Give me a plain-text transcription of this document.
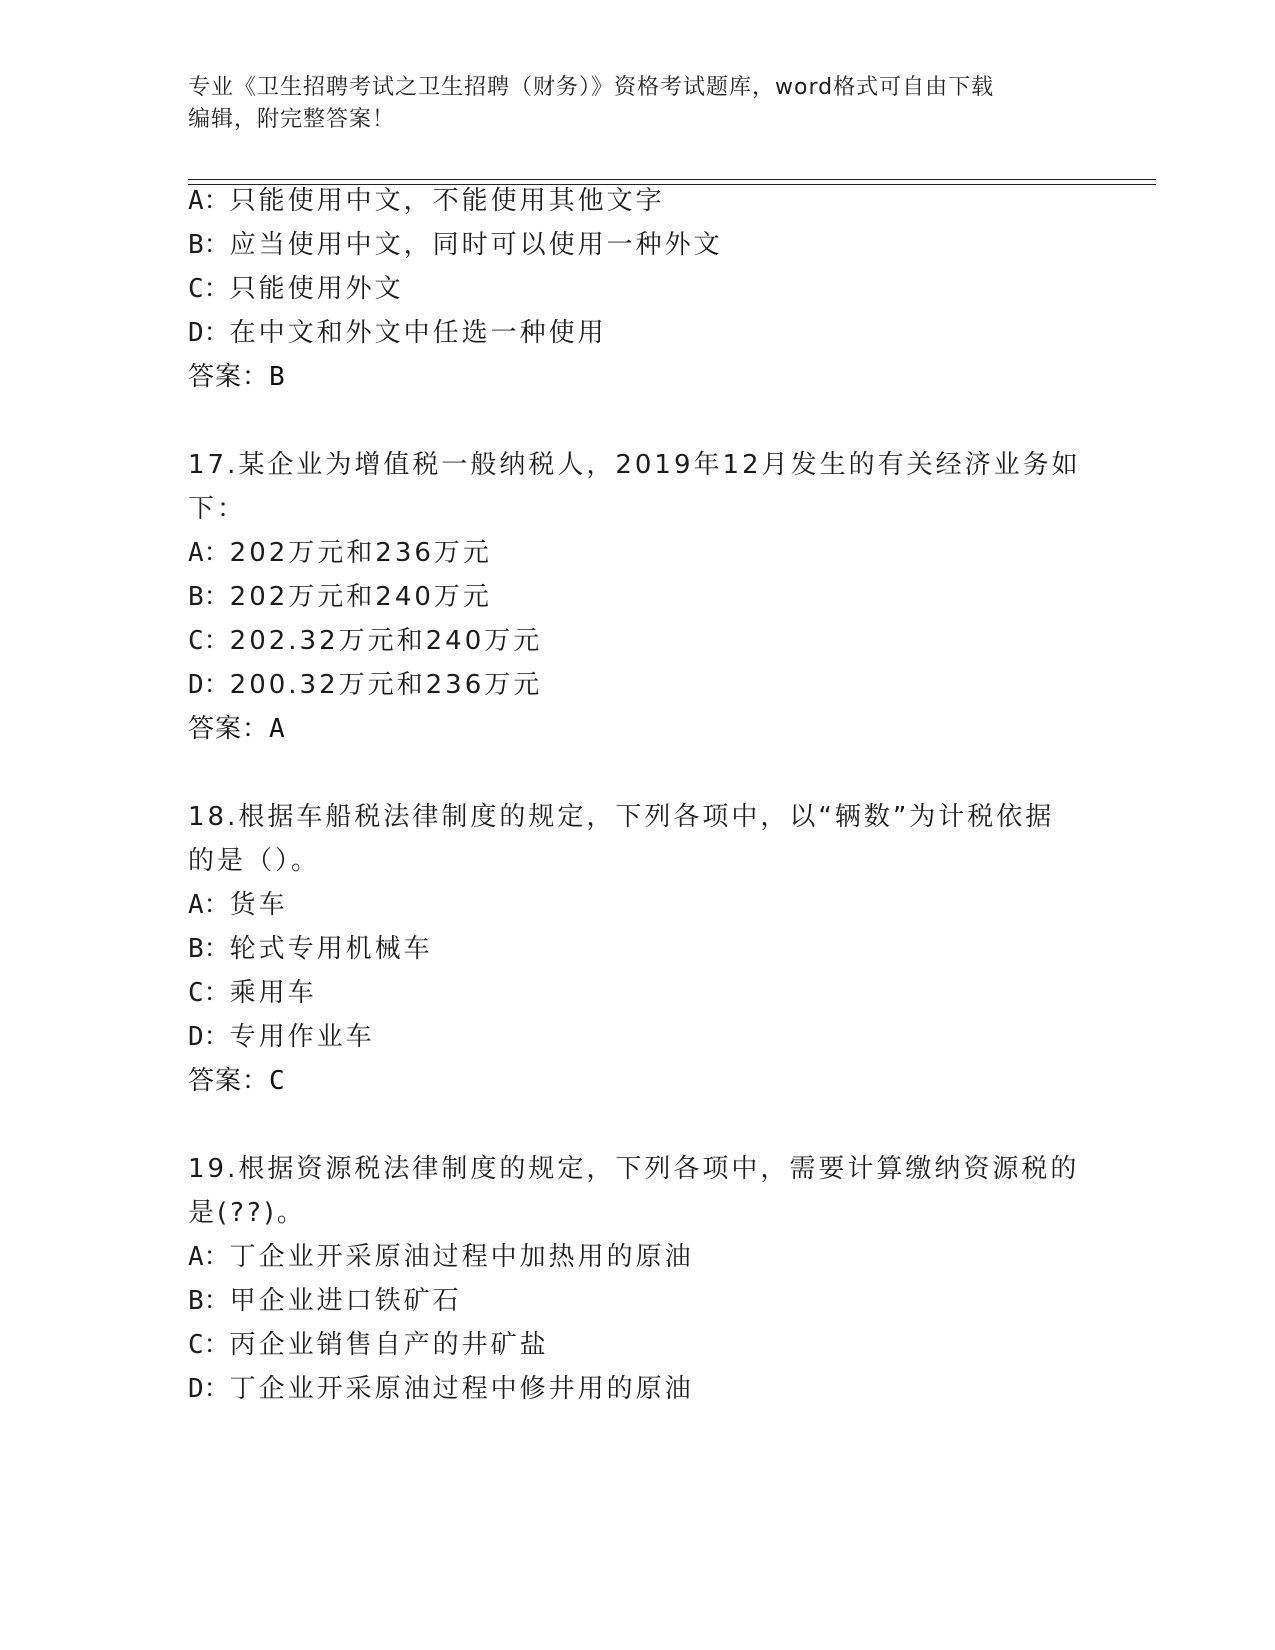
专业《卫生招聘考试之卫生招聘（财务）》资格考试题库，word格式可自由下载
编辑，附完整答案！
A：只能使用中文，不能使用其他文字
B：应当使用中文，同时可以使用一种外文
C：只能使用外文
D：在中文和外文中任选一种使用
答案：B
17.某企业为增值税一般纳税人，2019年12月发生的有关经济业务如
下：
A：202万元和236万元
B：202万元和240万元
C：202.32万元和240万元
D：200.32万元和236万元
答案：A
18.根据车船税法律制度的规定，下列各项中，以“辆数”为计税依据
的是（）。
A：货车
B：轮式专用机械车
C：乘用车
D：专用作业车
答案：C
19.根据资源税法律制度的规定，下列各项中，需要计算缴纳资源税的
是(??)。
A：丁企业开采原油过程中加热用的原油
B：甲企业进口铁矿石
C：丙企业销售自产的井矿盐
D：丁企业开采原油过程中修井用的原油
